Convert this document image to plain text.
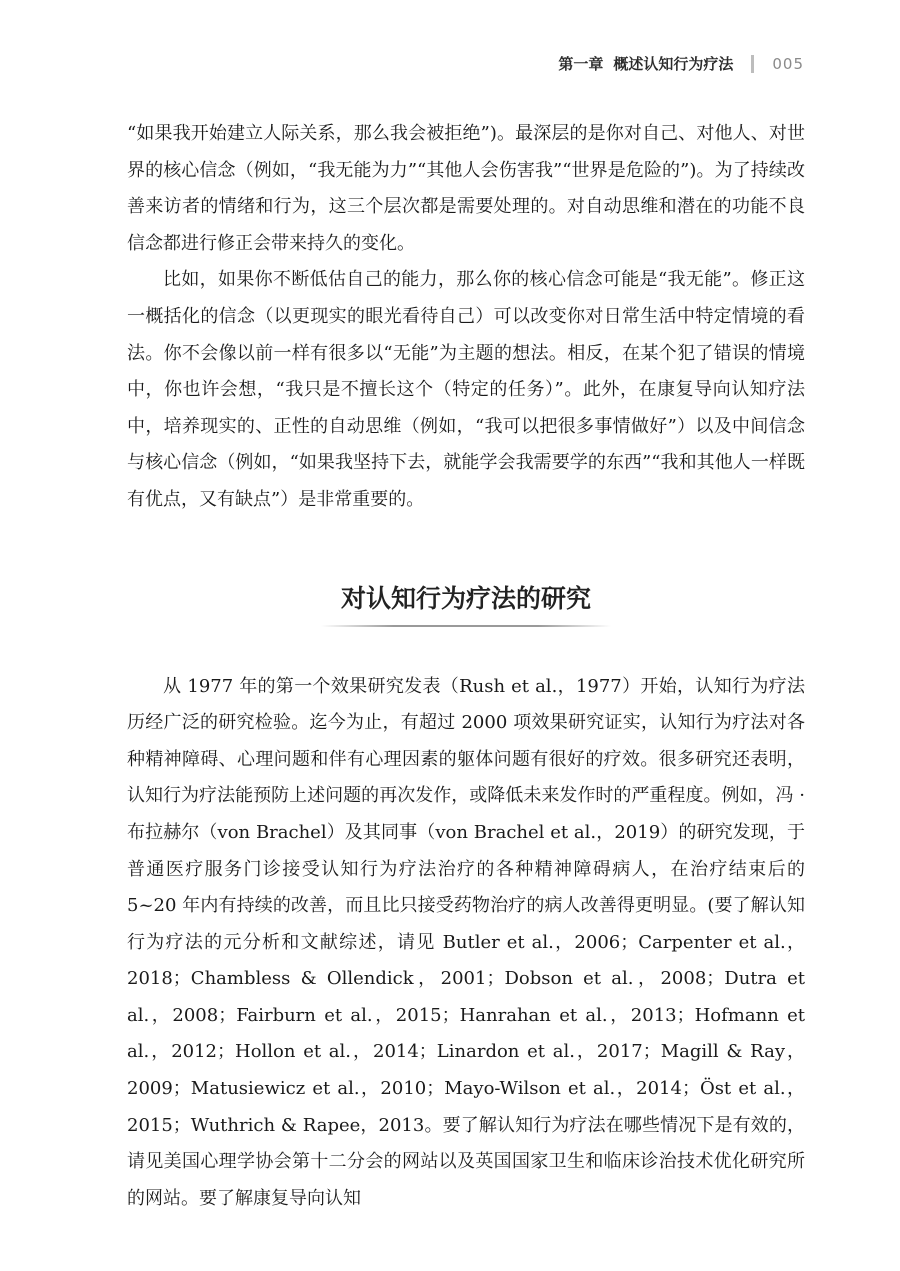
第一章 概述认知行为疗法	005

“如果我开始建立人际关系，那么我会被拒绝”)。最深层的是你对自己、对他人、对世界的核心信念（例如，“我无能为力”“其他人会伤害我”“世界是危险的”)。为了持续改善来访者的情绪和行为，这三个层次都是需要处理的。对自动思维和潜在的功能不良信念都进行修正会带来持久的变化。

比如，如果你不断低估自己的能力，那么你的核心信念可能是“我无能”。修正这一概括化的信念（以更现实的眼光看待自己）可以改变你对日常生活中特定情境的看法。你不会像以前一样有很多以“无能”为主题的想法。相反，在某个犯了错误的情境中，你也许会想，“我只是不擅长这个（特定的任务）”。此外，在康复导向认知疗法中，培养现实的、正性的自动思维（例如，“我可以把很多事情做好”）以及中间信念与核心信念（例如，“如果我坚持下去，就能学会我需要学的东西”“我和其他人一样既有优点，又有缺点”）是非常重要的。

对认知行为疗法的研究

从 1977 年的第一个效果研究发表（Rush et al.，1977）开始，认知行为疗法历经广泛的研究检验。迄今为止，有超过 2000 项效果研究证实，认知行为疗法对各种精神障碍、心理问题和伴有心理因素的躯体问题有很好的疗效。很多研究还表明，认知行为疗法能预防上述问题的再次发作，或降低未来发作时的严重程度。例如，冯 · 布拉赫尔（von Brachel）及其同事（von Brachel et al.，2019）的研究发现，于普通医疗服务门诊接受认知行为疗法治疗的各种精神障碍病人，在治疗结束后的 5~20 年内有持续的改善，而且比只接受药物治疗的病人改善得更明显。(要了解认知行为疗法的元分析和文献综述，请见 Butler et al.，2006；Carpenter et al.，2018；Chambless & Ollendick，2001；Dobson et al.，2008；Dutra et al.，2008；Fairburn et al.，2015；Hanrahan et al.，2013；Hofmann et al.，2012；Hollon et al.，2014；Linardon et al.，2017；Magill & Ray，2009；Matusiewicz et al.，2010；Mayo-Wilson et al.，2014；Öst et al.，2015；Wuthrich & Rapee，2013。要了解认知行为疗法在哪些情况下是有效的，请见美国心理学协会第十二分会的网站以及英国国家卫生和临床诊治技术优化研究所的网站。要了解康复导向认知
